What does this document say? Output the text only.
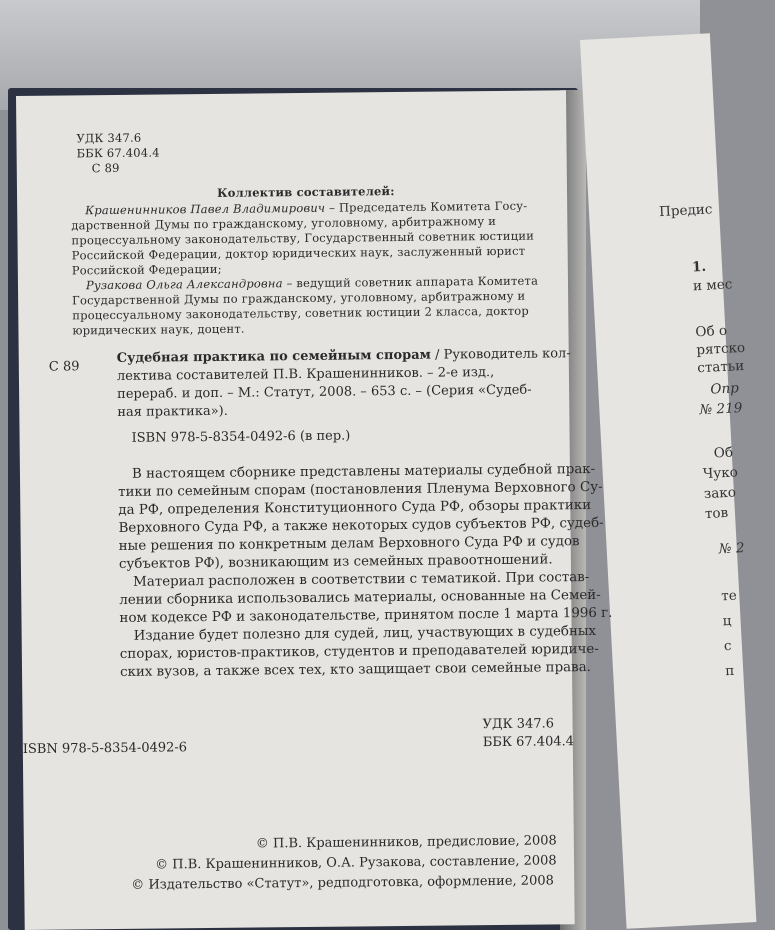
Предис
1.
и мес
Об о
рятско
статьи
Опр
№ 219
Об
Чуко
зако
тов
№ 2
те
ц
с
п
УДК 347.6
ББК 67.404.4
С 89
Коллектив составителей:
Крашенинников Павел Владимирович – Председатель Комитета Госу-
дарственной Думы по гражданскому, уголовному, арбитражному и
процессуальному законодательству, Государственный советник юстиции
Российской Федерации, доктор юридических наук, заслуженный юрист
Российской Федерации;
Рузакова Ольга Александровна – ведущий советник аппарата Комитета
Государственной Думы по гражданскому, уголовному, арбитражному и
процессуальному законодательству, советник юстиции 2 класса, доктор
юридических наук, доцент.
С 89
Судебная практика по семейным спорам / Руководитель кол-
лектива составителей П.В. Крашенинников. – 2-е изд.,
перераб. и доп. – М.: Статут, 2008. – 653 с. – (Серия «Судеб-
ная практика»).
ISBN 978-5-8354-0492-6 (в пер.)
В настоящем сборнике представлены материалы судебной прак-
тики по семейным спорам (постановления Пленума Верховного Су-
да РФ, определения Конституционного Суда РФ, обзоры практики
Верховного Суда РФ, а также некоторых судов субъектов РФ, судеб-
ные решения по конкретным делам Верховного Суда РФ и судов
субъектов РФ), возникающим из семейных правоотношений.
Материал расположен в соответствии с тематикой. При состав-
лении сборника использовались материалы, основанные на Семей-
ном кодексе РФ и законодательстве, принятом после 1 марта 1996 г.
Издание будет полезно для судей, лиц, участвующих в судебных
спорах, юристов-практиков, студентов и преподавателей юридиче-
ских вузов, а также всех тех, кто защищает свои семейные права.
УДК 347.6
ББК 67.404.4
ISBN 978-5-8354-0492-6
© П.В. Крашенинников, предисловие, 2008
© П.В. Крашенинников, О.А. Рузакова, составление, 2008
© Издательство «Статут», редподготовка, оформление, 2008
